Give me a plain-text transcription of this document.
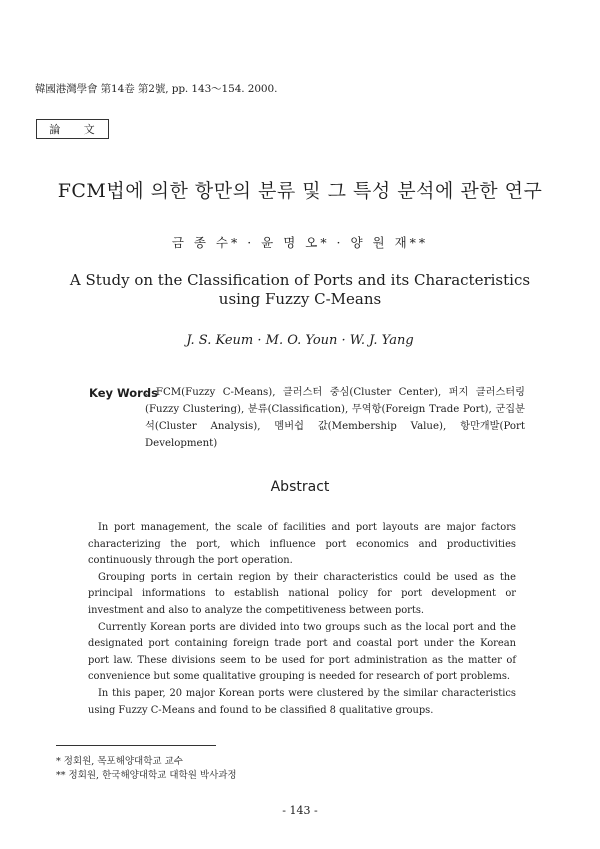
韓國港灣學會 第14卷 第2號, pp. 143～154. 2000.
論 文
FCM법에 의한 항만의 분류 및 그 특성 분석에 관한 연구
금 종 수* · 윤 명 오* · 양 원 재**
A Study on the Classification of Ports and its Characteristics
using Fuzzy C-Means
J. S. Keum · M. O. Youn · W. J. Yang
Key Words
: FCM(Fuzzy C-Means), 클러스터 중심(Cluster Center), 퍼지 클러스터링(Fuzzy Clustering), 분류(Classification), 무역항(Foreign Trade Port), 군집분석(Cluster Analysis), 멤버쉽 값(Membership Value), 항만개발(Port Development)
Abstract

In port management, the scale of facilities and port layouts are major factors characterizing the port, which influence port economics and productivities continuously through the port operation.

Grouping ports in certain region by their characteristics could be used as the principal informations to establish national policy for port development or investment and also to analyze the competitiveness between ports.

Currently Korean ports are divided into two groups such as the local port and the designated port containing foreign trade port and coastal port under the Korean port law. These divisions seem to be used for port administration as the matter of convenience but some qualitative grouping is needed for research of port problems.

In this paper, 20 major Korean ports were clustered by the similar characteristics using Fuzzy C-Means and found to be classified 8 qualitative groups.

* 정회원, 목포해양대학교 교수
** 정회원, 한국해양대학교 대학원 박사과정
- 143 -
